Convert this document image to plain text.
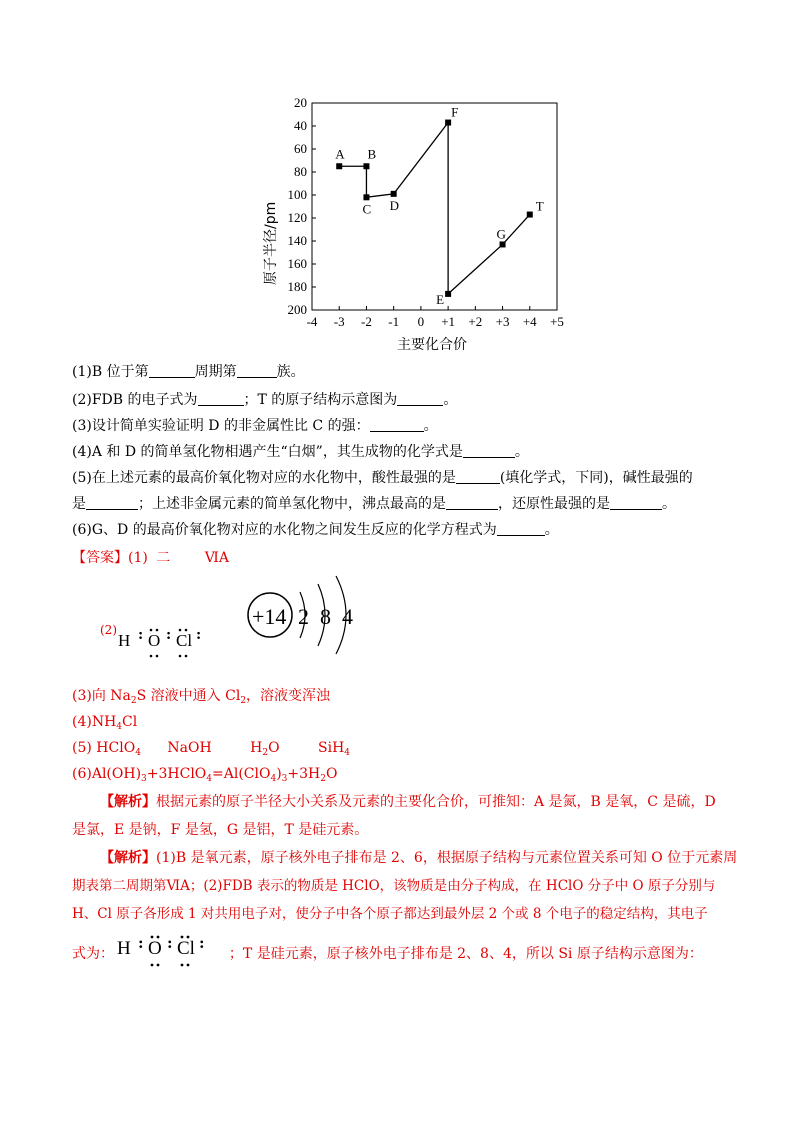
20
40
60
80
100
120
140
160
180
200
-4 -3 -2 -1 0 +1 +2 +3 +4 +5
A B
C D
F
E
G
T
原子半径/pm
主要化合价
(1)B 位于第	周期第	族。
(2)FDB 的电子式为	；T 的原子结构示意图为	。
(3)设计简单实验证明 D 的非金属性比 C 的强：	。
(4)A 和 D 的简单氢化物相遇产生“白烟”，其生成物的化学式是	。
(5)在上述元素的最高价氧化物对应的水化物中，酸性最强的是	(填化学式，下同)，碱性最强的
是	；上述非金属元素的简单氢化物中，沸点最高的是	，还原性最强的是	。
(6)G、D 的最高价氧化物对应的水化物之间发生反应的化学方程式为	。
【答案】(1) 二 ⅥA
(2)
H : O : Cl :
+14 2 8 4
(3)向 $Na_2S$ 溶液中通入 $Cl_2$，溶液变浑浊
$(4)NH_4Cl$
(5) HClO$_4$ NaOH	$H_2O$	SiH$_4$
$(6)Al(OH)_3+3HClO_4=Al(ClO_4)_3+3H_2O$
【解析】根据元素的原子半径大小关系及元素的主要化合价，可推知：A 是氮，B 是氧，C 是硫，D
是氯，E 是钠，F 是氢，G 是铝，T 是硅元素。
【解析】(1)B 是氧元素，原子核外电子排布是 2、6，根据原子结构与元素位置关系可知 O 位于元素周
期表第二周期第ⅥA；(2)FDB 表示的物质是 HClO，该物质是由分子构成，在 HClO 分子中 O 原子分别与
H、Cl 原子各形成 1 对共用电子对，使分子中各个原子都达到最外层 2 个或 8 个电子的稳定结构，其电子
式为：	；T 是硅元素，原子核外电子排布是 2、8、4，所以 Si 原子结构示意图为：
H : O : Cl :
